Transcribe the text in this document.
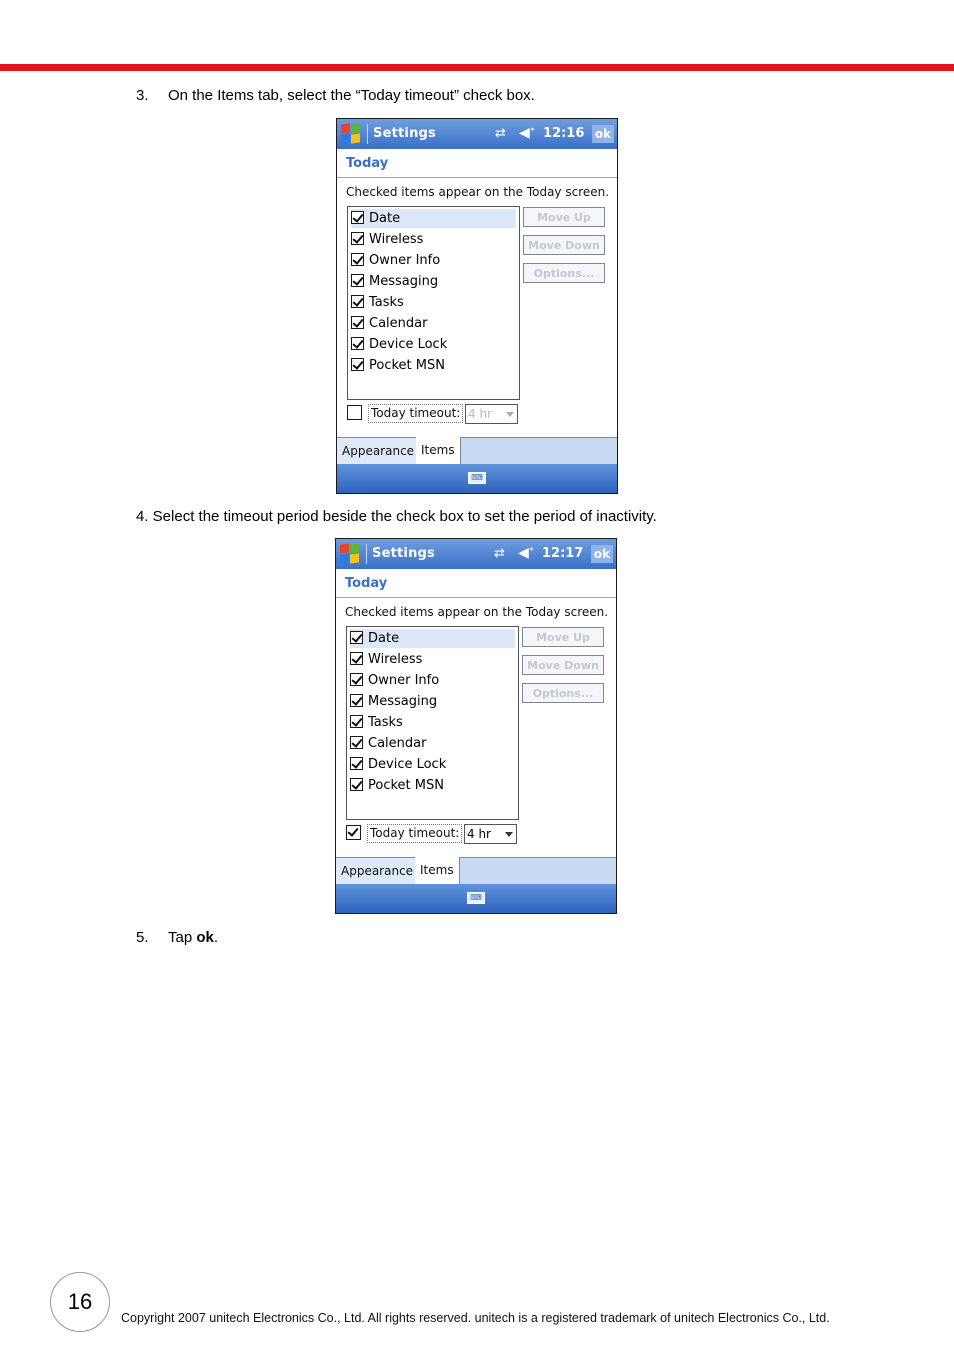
3. On the Items tab, select the “Today timeout” check box.
Settings	⇄ ◀ᐩ 12:16 ok
Today
Checked items appear on the Today screen.
Date
Wireless
Owner Info
Messaging
Tasks
Calendar
Device Lock
Pocket MSN
Move Up
Move Down
Options...
Today timeout: 4 hr
Appearance Items
⌨
4. Select the timeout period beside the check box to set the period of inactivity.
Settings	⇄ ◀ᐩ 12:17 ok
Today
Checked items appear on the Today screen.
Date
Wireless
Owner Info
Messaging
Tasks
Calendar
Device Lock
Pocket MSN
Move Up
Move Down
Options...
Today timeout: 4 hr
Appearance Items
⌨
5. Tap ok.
16
Copyright 2007 unitech Electronics Co., Ltd. All rights reserved. unitech is a registered trademark of unitech Electronics Co., Ltd.
